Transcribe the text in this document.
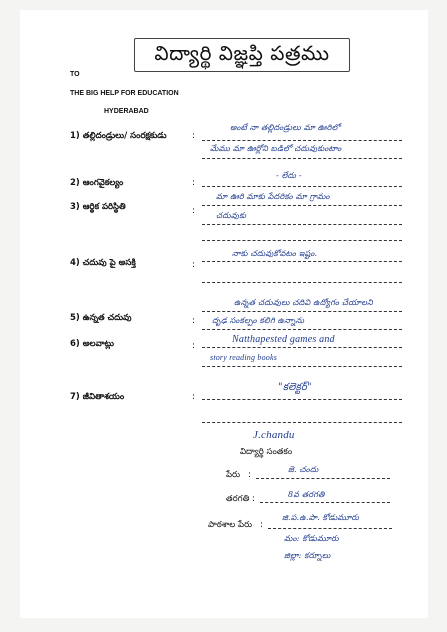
విద్యార్థి విజ్ఞప్తి పత్రము
TO
THE BIG HELP FOR EDUCATION
HYDERABAD
1) తల్లిదండ్రులు/ సంరక్షకుడు	:
అంటే నా తల్లిదండ్రులు మా ఊరిలో
మేము మా ఊర్లోని బడిలో చదువుకుంటాం
2) ఆంగవైకల్యం	:
- లేదు -
3) ఆర్థిక పరిస్థితి	:
మా ఊరి మాకు పేదరికం మా గ్రామం
చదువుకు
4) చదువు పై అసక్తి	:
నాకు చదువుకోవటం ఇష్టం.
5) ఉన్నత చదువు	:
ఉన్నత చదువులు చదివి ఉద్యోగం చేయాలని
దృఢ సంకల్పం కలిగి ఉన్నాను
6) అలవాట్లు	:
Natthapested games and
story reading books
7) జీవితాశయం	:
"కలెక్టర్"
J.chandu
విద్యార్థి సంతకం
పేరు :
జె. చందు
తరగతి :	8వ తరగతి
పాఠశాల పేరు :
జి.ప.ఉ.పా. కోడుమూరు
మం: కోడుమూరు
జిల్లా: కర్నూలు
